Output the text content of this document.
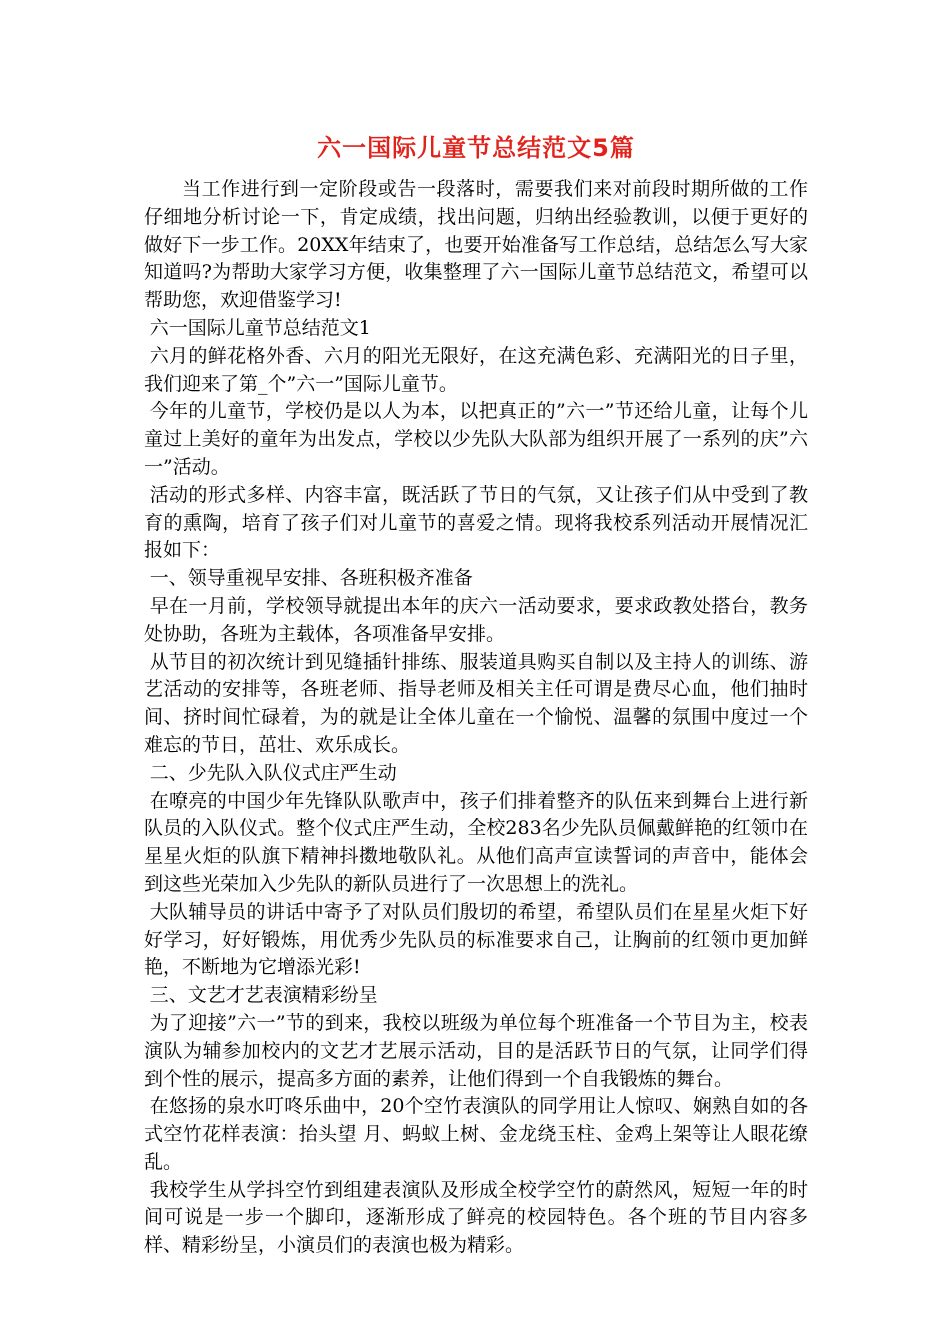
六一国际儿童节总结范文5篇

当工作进行到一定阶段或告一段落时，需要我们来对前段时期所做的工作仔细地分析讨论一下，肯定成绩，找出问题，归纳出经验教训，以便于更好的做好下一步工作。20XX年结束了，也要开始准备写工作总结，总结怎么写大家知道吗?为帮助大家学习方便，收集整理了六一国际儿童节总结范文，希望可以帮助您，欢迎借鉴学习!

六一国际儿童节总结范文1

六月的鲜花格外香、六月的阳光无限好，在这充满色彩、充满阳光的日子里，我们迎来了第_个”六一”国际儿童节。

今年的儿童节，学校仍是以人为本，以把真正的”六一”节还给儿童，让每个儿童过上美好的童年为出发点，学校以少先队大队部为组织开展了一系列的庆”六一”活动。

活动的形式多样、内容丰富，既活跃了节日的气氛，又让孩子们从中受到了教育的熏陶，培育了孩子们对儿童节的喜爱之情。现将我校系列活动开展情况汇报如下：

一、领导重视早安排、各班积极齐准备

早在一月前，学校领导就提出本年的庆六一活动要求，要求政教处搭台，教务处协助，各班为主载体，各项准备早安排。

从节目的初次统计到见缝插针排练、服装道具购买自制以及主持人的训练、游艺活动的安排等，各班老师、指导老师及相关主任可谓是费尽心血，他们抽时间、挤时间忙碌着，为的就是让全体儿童在一个愉悦、温馨的氛围中度过一个难忘的节日，茁壮、欢乐成长。

二、少先队入队仪式庄严生动

在嘹亮的中国少年先锋队队歌声中，孩子们排着整齐的队伍来到舞台上进行新队员的入队仪式。整个仪式庄严生动，全校283名少先队员佩戴鲜艳的红领巾在星星火炬的队旗下精神抖擞地敬队礼。从他们高声宣读誓词的声音中，能体会到这些光荣加入少先队的新队员进行了一次思想上的洗礼。

大队辅导员的讲话中寄予了对队员们殷切的希望，希望队员们在星星火炬下好好学习，好好锻炼，用优秀少先队员的标准要求自己，让胸前的红领巾更加鲜艳，不断地为它增添光彩!

三、文艺才艺表演精彩纷呈

为了迎接”六一”节的到来，我校以班级为单位每个班准备一个节目为主，校表演队为辅参加校内的文艺才艺展示活动，目的是活跃节日的气氛，让同学们得到个性的展示，提高多方面的素养，让他们得到一个自我锻炼的舞台。

在悠扬的泉水叮咚乐曲中，20个空竹表演队的同学用让人惊叹、娴熟自如的各式空竹花样表演：抬头望 月、蚂蚁上树、金龙绕玉柱、金鸡上架等让人眼花缭乱。

我校学生从学抖空竹到组建表演队及形成全校学空竹的蔚然风，短短一年的时间可说是一步一个脚印，逐渐形成了鲜亮的校园特色。各个班的节目内容多样、精彩纷呈，小演员们的表演也极为精彩。
